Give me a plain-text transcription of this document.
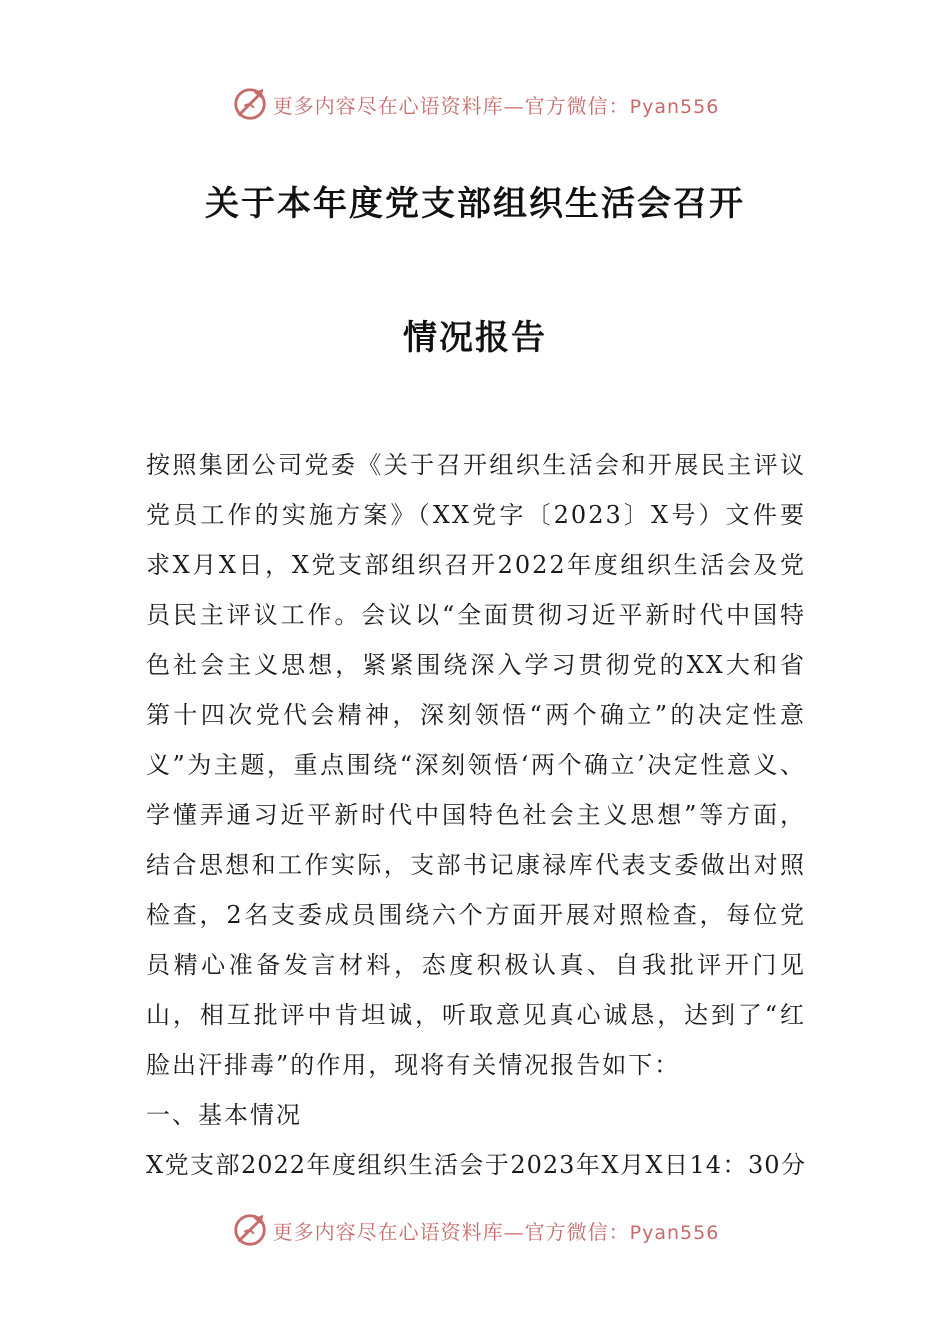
更多内容尽在心语资料库—官方微信：Pyan556
关于本年度党支部组织生活会召开
情况报告

按照集团公司党委《关于召开组织生活会和开展民主评议党员工作的实施方案》（XX党字〔2023〕X号）文件要求X月X日，X党支部组织召开2022年度组织生活会及党员民主评议工作。会议以“全面贯彻习近平新时代中国特色社会主义思想，紧紧围绕深入学习贯彻党的XX大和省第十四次党代会精神，深刻领悟“两个确立”的决定性意义”为主题，重点围绕“深刻领悟‘两个确立’决定性意义、学懂弄通习近平新时代中国特色社会主义思想”等方面，结合思想和工作实际，支部书记康禄库代表支委做出对照检查，2名支委成员围绕六个方面开展对照检查，每位党员精心准备发言材料，态度积极认真、自我批评开门见山，相互批评中肯坦诚，听取意见真心诚恳，达到了“红脸出汗排毒”的作用，现将有关情况报告如下：

一、基本情况

X党支部2022年度组织生活会于2023年X月X日14：30分

更多内容尽在心语资料库—官方微信：Pyan556
